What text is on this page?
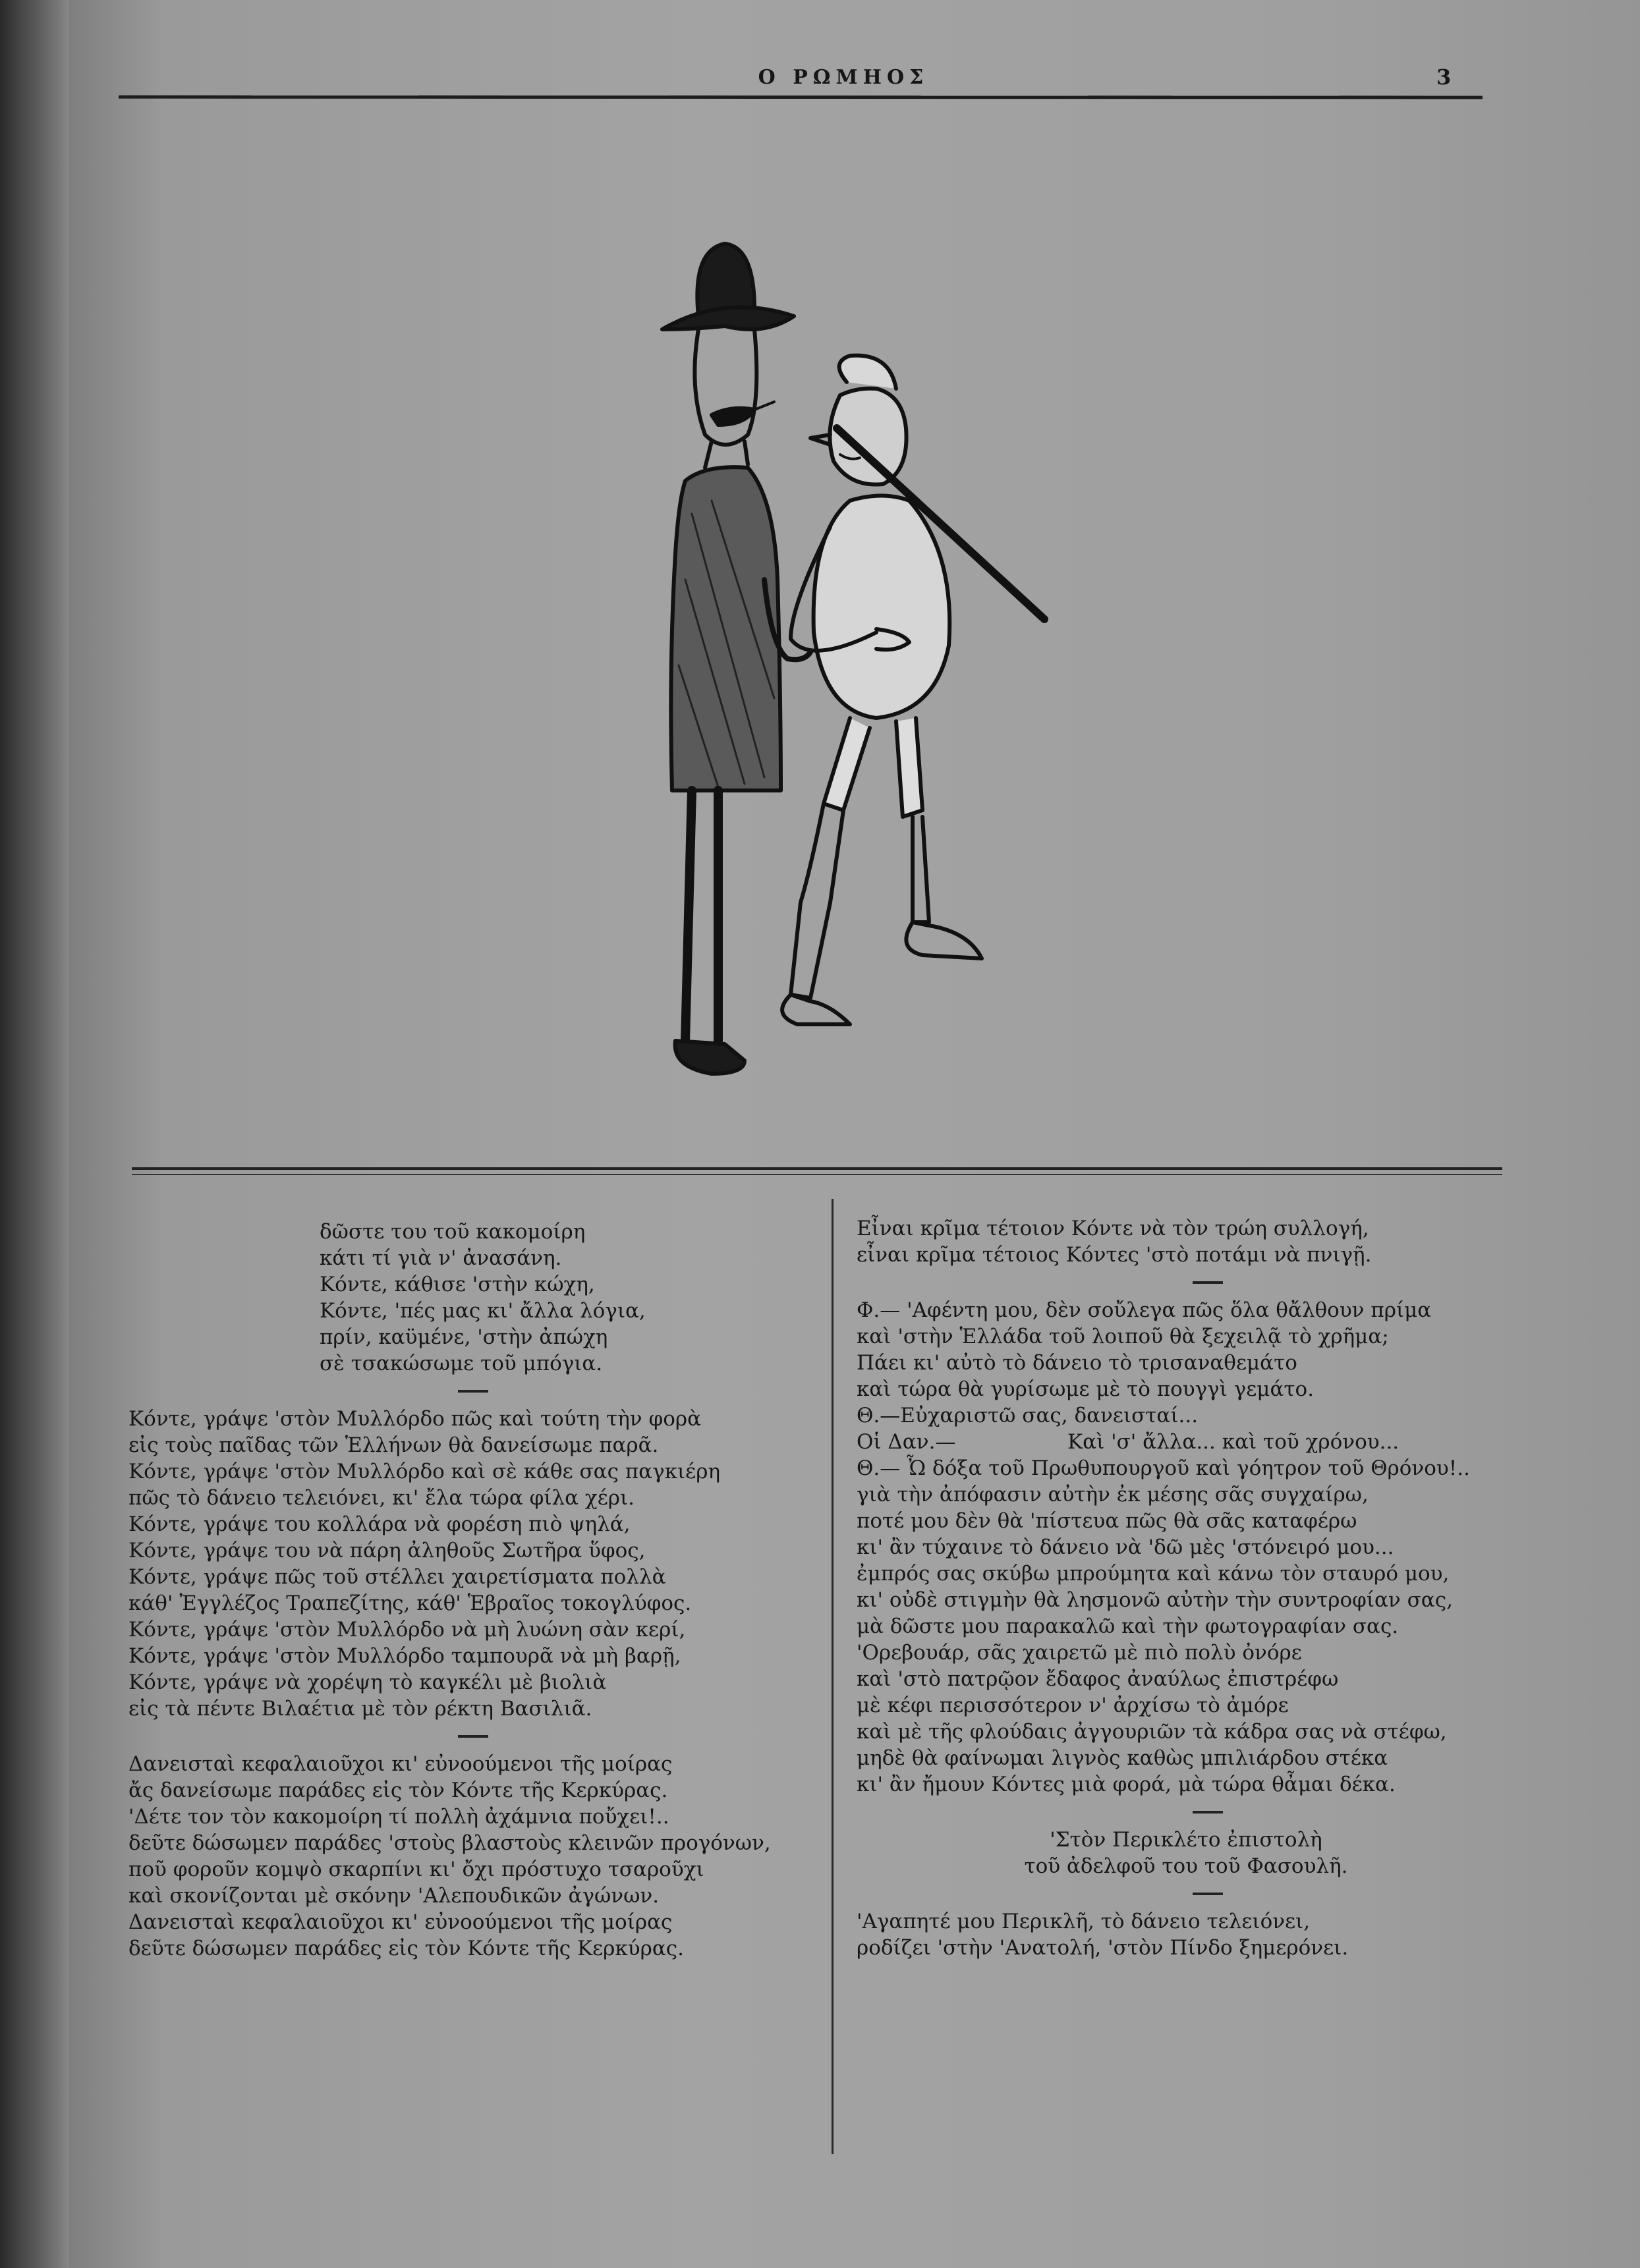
Ο ΡΩΜΗΟΣ	3
δῶστε του τοῦ κακομοίρη
κάτι τί γιὰ ν' ἀνασάνη.
Κόντε, κάθισε 'στὴν κώχη,
Κόντε, 'πές μας κι' ἄλλα λόγια,
πρίν, καϋμένε, 'στὴν ἀπώχη
σὲ τσακώσωμε τοῦ μπόγια.
Κόντε, γράψε 'στὸν Μυλλόρδο πῶς καὶ τούτη τὴν φορὰ
εἰς τοὺς παῖδας τῶν Ἑλλήνων θὰ δανείσωμε παρᾶ.
Κόντε, γράψε 'στὸν Μυλλόρδο καὶ σὲ κάθε σας παγκιέρη
πῶς τὸ δάνειο τελειόνει, κι' ἔλα τώρα φίλα χέρι.
Κόντε, γράψε του κολλάρα νὰ φορέση πιὸ ψηλά,
Κόντε, γράψε του νὰ πάρη ἀληθοῦς Σωτῆρα ὕφος,
Κόντε, γράψε πῶς τοῦ στέλλει χαιρετίσματα πολλὰ
κάθ' Ἐγγλέζος Τραπεζίτης, κάθ' Ἑβραῖος τοκογλύφος.
Κόντε, γράψε 'στὸν Μυλλόρδο νὰ μὴ λυώνη σὰν κερί,
Κόντε, γράψε 'στὸν Μυλλόρδο ταμπουρᾶ νὰ μὴ βαρῇ,
Κόντε, γράψε νὰ χορέψη τὸ καγκέλι μὲ βιολιὰ
εἰς τὰ πέντε Βιλαέτια μὲ τὸν ρέκτη Βασιλιᾶ.
Δανεισταὶ κεφαλαιοῦχοι κι' εὐνοούμενοι τῆς μοίρας
ἄς δανείσωμε παράδες εἰς τὸν Κόντε τῆς Κερκύρας.
'Δέτε τον τὸν κακομοίρη τί πολλὴ ἀχάμνια ποὔχει!..
δεῦτε δώσωμεν παράδες 'στοὺς βλαστοὺς κλεινῶν προγόνων,
ποῦ φοροῦν κομψὸ σκαρπίνι κι' ὄχι πρόστυχο τσαροῦχι
καὶ σκονίζονται μὲ σκόνην 'Αλεπουδικῶν ἀγώνων.
Δανεισταὶ κεφαλαιοῦχοι κι' εὐνοούμενοι τῆς μοίρας
δεῦτε δώσωμεν παράδες εἰς τὸν Κόντε τῆς Κερκύρας.
Εἶναι κρῖμα τέτοιον Κόντε νὰ τὸν τρώη συλλογή,
εἶναι κρῖμα τέτοιος Κόντες 'στὸ ποτάμι νὰ πνιγῇ.
Φ.— 'Αφέντη μου, δὲν σοὔλεγα πῶς ὅλα θἄλθουν πρίμα
καὶ 'στὴν Ἑλλάδα τοῦ λοιποῦ θὰ ξεχειλᾷ τὸ χρῆμα;
Πάει κι' αὐτὸ τὸ δάνειο τὸ τρισαναθεμάτο
καὶ τώρα θὰ γυρίσωμε μὲ τὸ πουγγὶ γεμάτο.
Θ.—Εὐχαριστῶ σας, δανεισταί...
Οἱ Δαν.—	Καὶ 'σ' ἄλλα... καὶ τοῦ χρόνου...
Θ.— Ὦ δόξα τοῦ Πρωθυπουργοῦ καὶ γόητρον τοῦ Θρόνου!..
γιὰ τὴν ἀπόφασιν αὐτὴν ἐκ μέσης σᾶς συγχαίρω,
ποτέ μου δὲν θὰ 'πίστευα πῶς θὰ σᾶς καταφέρω
κι' ἂν τύχαινε τὸ δάνειο νὰ 'δῶ μὲς 'στόνειρό μου...
ἐμπρός σας σκύβω μπρούμητα καὶ κάνω τὸν σταυρό μου,
κι' οὐδὲ στιγμὴν θὰ λησμονῶ αὐτὴν τὴν συντροφίαν σας,
μὰ δῶστε μου παρακαλῶ καὶ τὴν φωτογραφίαν σας.
'Ορεβουάρ, σᾶς χαιρετῶ μὲ πιὸ πολὺ ὀνόρε
καὶ 'στὸ πατρῷον ἔδαφος ἀναύλως ἐπιστρέφω
μὲ κέφι περισσότερον ν' ἀρχίσω τὸ ἀμόρε
καὶ μὲ τῆς φλούδαις ἀγγουριῶν τὰ κάδρα σας νὰ στέφω,
μηδὲ θὰ φαίνωμαι λιγνὸς καθὼς μπιλιάρδου στέκα
κι' ἂν ἤμουν Κόντες μιὰ φορά, μὰ τώρα θἆμαι δέκα.
'Στὸν Περικλέτο ἐπιστολὴ
τοῦ ἀδελφοῦ του τοῦ Φασουλῆ.
'Αγαπητέ μου Περικλῆ, τὸ δάνειο τελειόνει,
ροδίζει 'στὴν 'Ανατολή, 'στὸν Πίνδο ξημερόνει.
